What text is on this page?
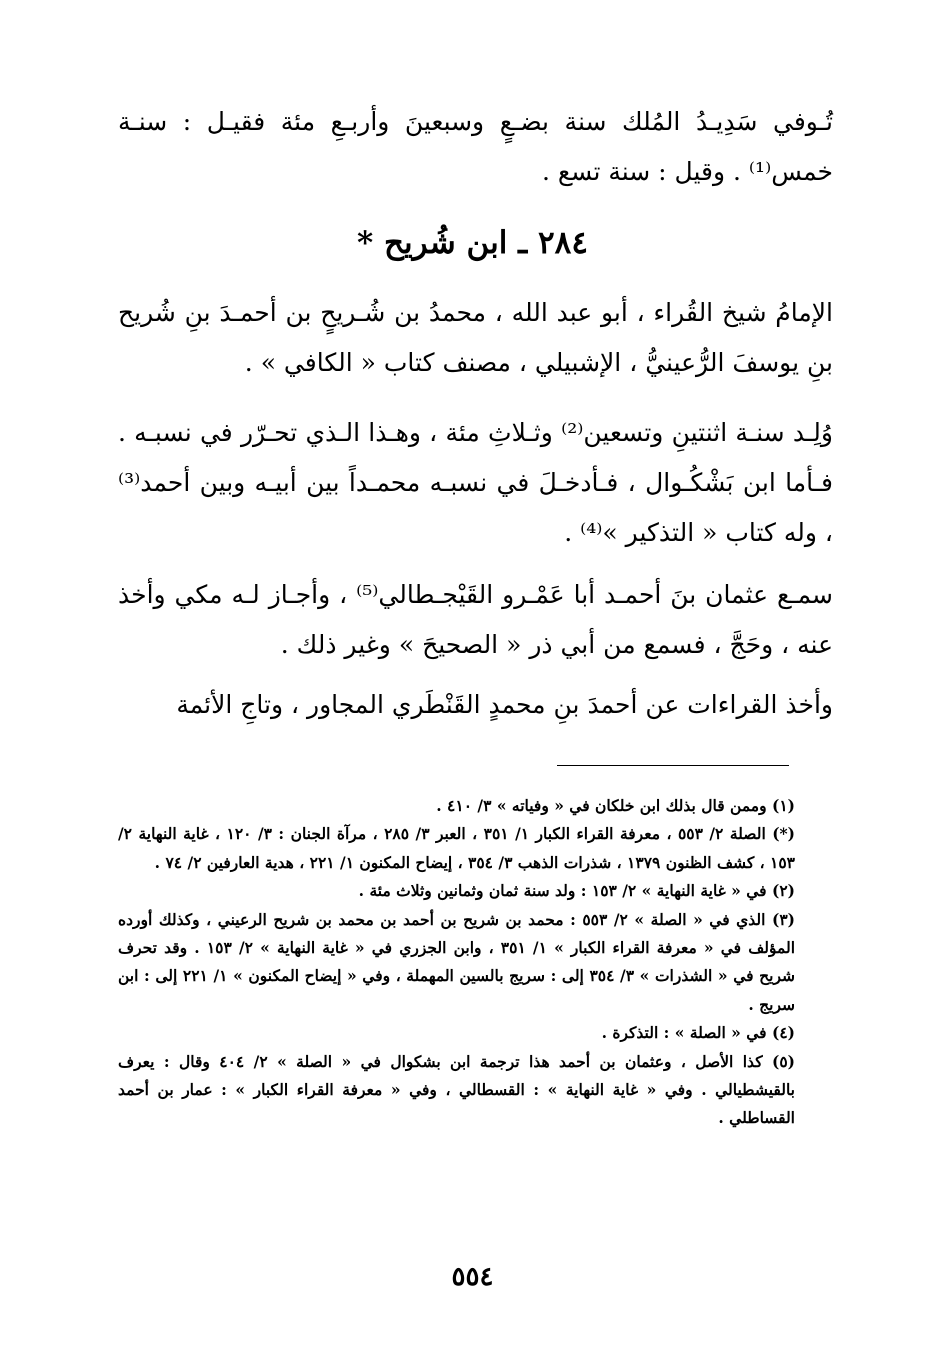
تُـوفي سَدِيـدُ المُلك سنة بضـعٍ وسبعينَ وأربـعِ مئة فقيـل : سنـة خمس⁽¹⁾ . وقيل : سنة تسع .
٢٨٤ ـ ابن شُريح *
الإمامُ شيخ القُراء ، أبو عبد الله ، محمدُ بن شُـريحٍ بن أحمـدَ بنِ شُريح بنِ يوسفَ الرُّعينيُّ ، الإشبيلي ، مصنف كتاب « الكافي » .
وُلِـد سنـة اثنتينِ وتسعين⁽²⁾ وثـلاثِ مئة ، وهـذا الـذي تحـرّر في نسبـه . فـأما ابن بَشْكُـوال ، فـأدخـلَ في نسبـه محمـداً بين أبيـه وبين أحمد⁽³⁾ ، وله كتاب « التذكير »⁽⁴⁾ .
سمـع عثمان بنَ أحمـد أبا عَمْـرو القَيْجـطالي⁽⁵⁾ ، وأجـاز لـه مكي وأخذ عنه ، وحَجَّ ، فسمع من أبي ذر « الصحيحَ » وغير ذلك .
وأخذ القراءات عن أحمدَ بنِ محمدٍ القَنْطَري المجاور ، وتاجِ الأئمة
(١) وممن قال بذلك ابن خلكان في « وفياته » ٣/ ٤١٠ .
(*) الصلة ٢/ ٥٥٣ ، معرفة القراء الكبار ١/ ٣٥١ ، العبر ٣/ ٢٨٥ ، مرآة الجنان : ٣/ ١٢٠ ، غاية النهاية ٢/ ١٥٣ ، كشف الظنون ١٣٧٩ ، شذرات الذهب ٣/ ٣٥٤ ، إيضاح المكنون ١/ ٢٢١ ، هدية العارفين ٢/ ٧٤ .
(٢) في « غاية النهاية » ٢/ ١٥٣ : ولد سنة ثمان وثمانين وثلاث مئة .
(٣) الذي في « الصلة » ٢/ ٥٥٣ : محمد بن شريح بن أحمد بن محمد بن شريح الرعيني ، وكذلك أورده المؤلف في « معرفة القراء الكبار » ١/ ٣٥١ ، وابن الجزري في « غاية النهاية » ٢/ ١٥٣ . وقد تحرف شريح في « الشذرات » ٣/ ٣٥٤ إلى : سريج بالسين المهملة ، وفي « إيضاح المكنون » ١/ ٢٢١ إلى : ابن سريج .
(٤) في « الصلة » : التذكرة .
(٥) كذا الأصل ، وعثمان بن أحمد هذا ترجمة ابن بشكوال في « الصلة » ٢/ ٤٠٤ وقال : يعرف بالقيشطيالي . وفي « غاية النهاية » : القسطالي ، وفي « معرفة القراء الكبار » : عمار بن أحمد القساطلي .
٥٥٤
